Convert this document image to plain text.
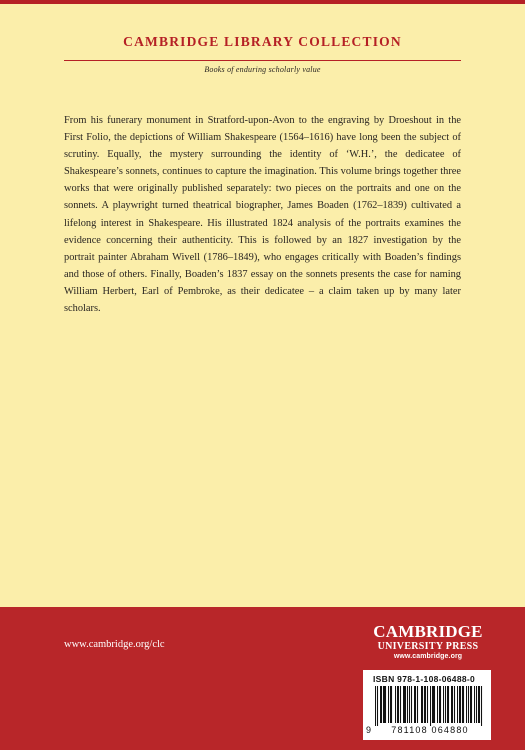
CAMBRIDGE LIBRARY COLLECTION
Books of enduring scholarly value

From his funerary monument in Stratford-upon-Avon to the engraving by Droeshout in the First Folio, the depictions of William Shakespeare (1564–1616) have long been the subject of scrutiny. Equally, the mystery surrounding the identity of ‘W.H.’, the dedicatee of Shakespeare’s sonnets, continues to capture the imagination. This volume brings together three works that were originally published separately: two pieces on the portraits and one on the sonnets. A playwright turned theatrical biographer, James Boaden (1762–1839) cultivated a lifelong interest in Shakespeare. His illustrated 1824 analysis of the portraits examines the evidence concerning their authenticity. This is followed by an 1827 investigation by the portrait painter Abraham Wivell (1786–1849), who engages critically with Boaden’s findings and those of others. Finally, Boaden’s 1837 essay on the sonnets presents the case for naming William Herbert, Earl of Pembroke, as their dedicatee – a claim taken up by many later scholars.

www.cambridge.org/clc
CAMBRIDGE
UNIVERSITY PRESS
www.cambridge.org
ISBN 978-1-108-06488-0
9	781108 064880
